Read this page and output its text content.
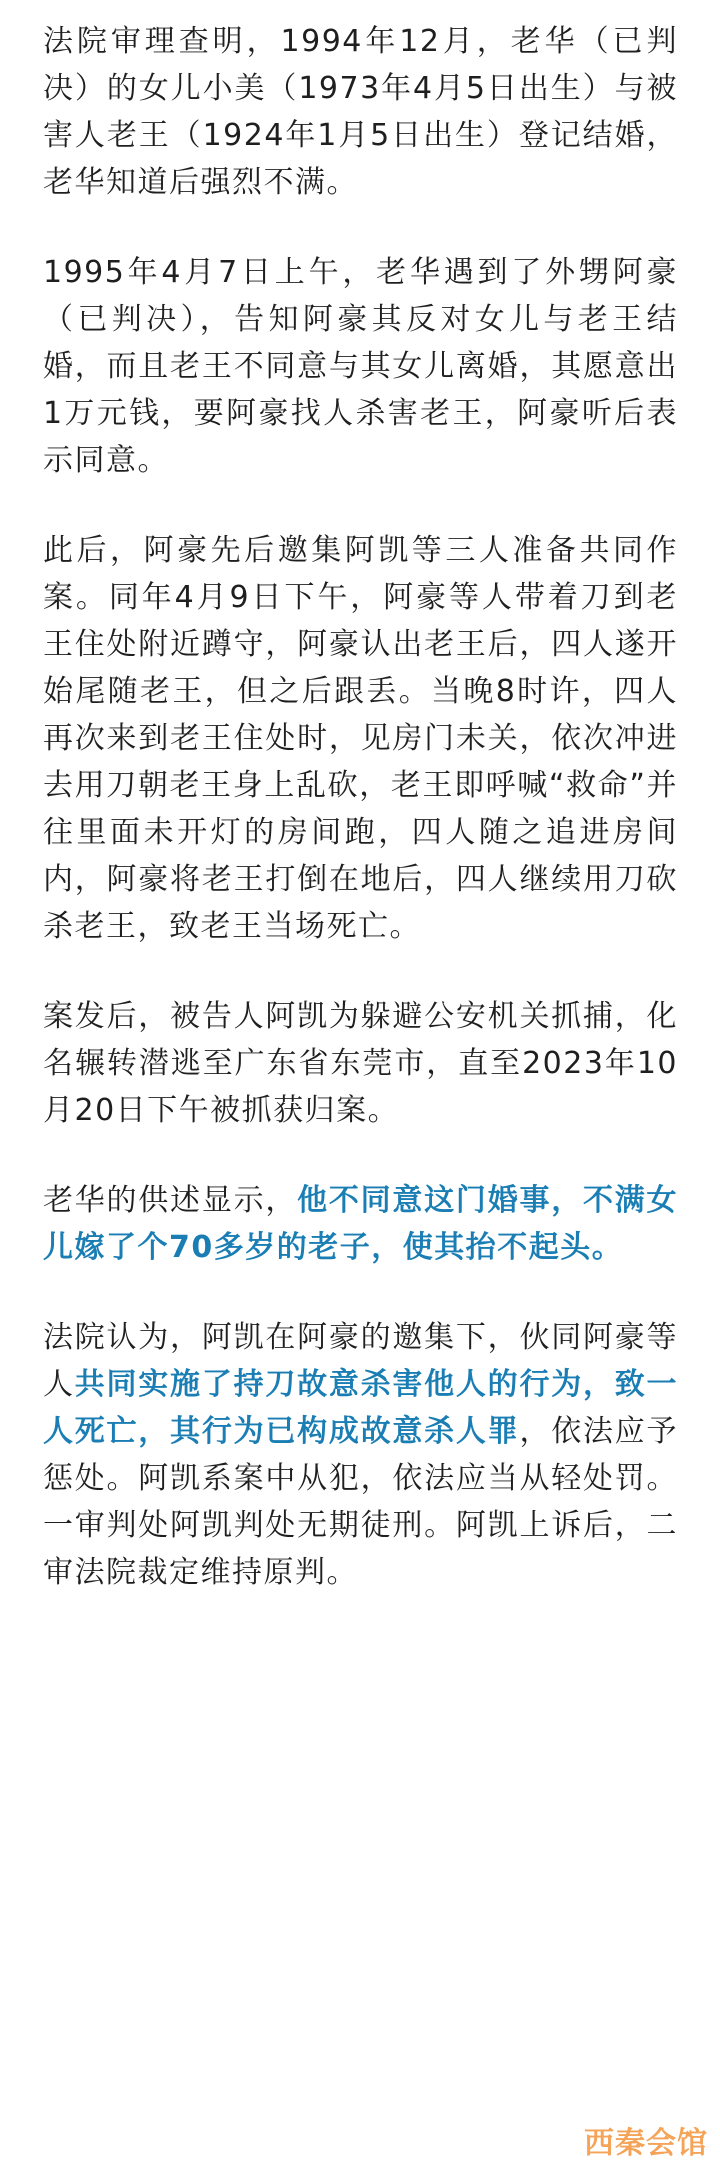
法院审理查明，1994年12月，老华（已判决）的女儿小美（1973年4月5日出生）与被害人老王（1924年1月5日出生）登记结婚，老华知道后强烈不满。

1995年4月7日上午，老华遇到了外甥阿豪（已判决），告知阿豪其反对女儿与老王结婚，而且老王不同意与其女儿离婚，其愿意出1万元钱，要阿豪找人杀害老王，阿豪听后表示同意。

此后，阿豪先后邀集阿凯等三人准备共同作案。同年4月9日下午，阿豪等人带着刀到老王住处附近蹲守，阿豪认出老王后，四人遂开始尾随老王，但之后跟丢。当晚8时许，四人再次来到老王住处时，见房门未关，依次冲进去用刀朝老王身上乱砍，老王即呼喊“救命”并往里面未开灯的房间跑，四人随之追进房间内，阿豪将老王打倒在地后，四人继续用刀砍杀老王，致老王当场死亡。

案发后，被告人阿凯为躲避公安机关抓捕，化名辗转潜逃至广东省东莞市，直至2023年10月20日下午被抓获归案。

老华的供述显示，他不同意这门婚事，不满女儿嫁了个70多岁的老子，使其抬不起头。

法院认为，阿凯在阿豪的邀集下，伙同阿豪等人共同实施了持刀故意杀害他人的行为，致一人死亡，其行为已构成故意杀人罪，依法应予惩处。阿凯系案中从犯，依法应当从轻处罚。一审判处阿凯判处无期徒刑。阿凯上诉后，二审法院裁定维持原判。

西秦会馆
